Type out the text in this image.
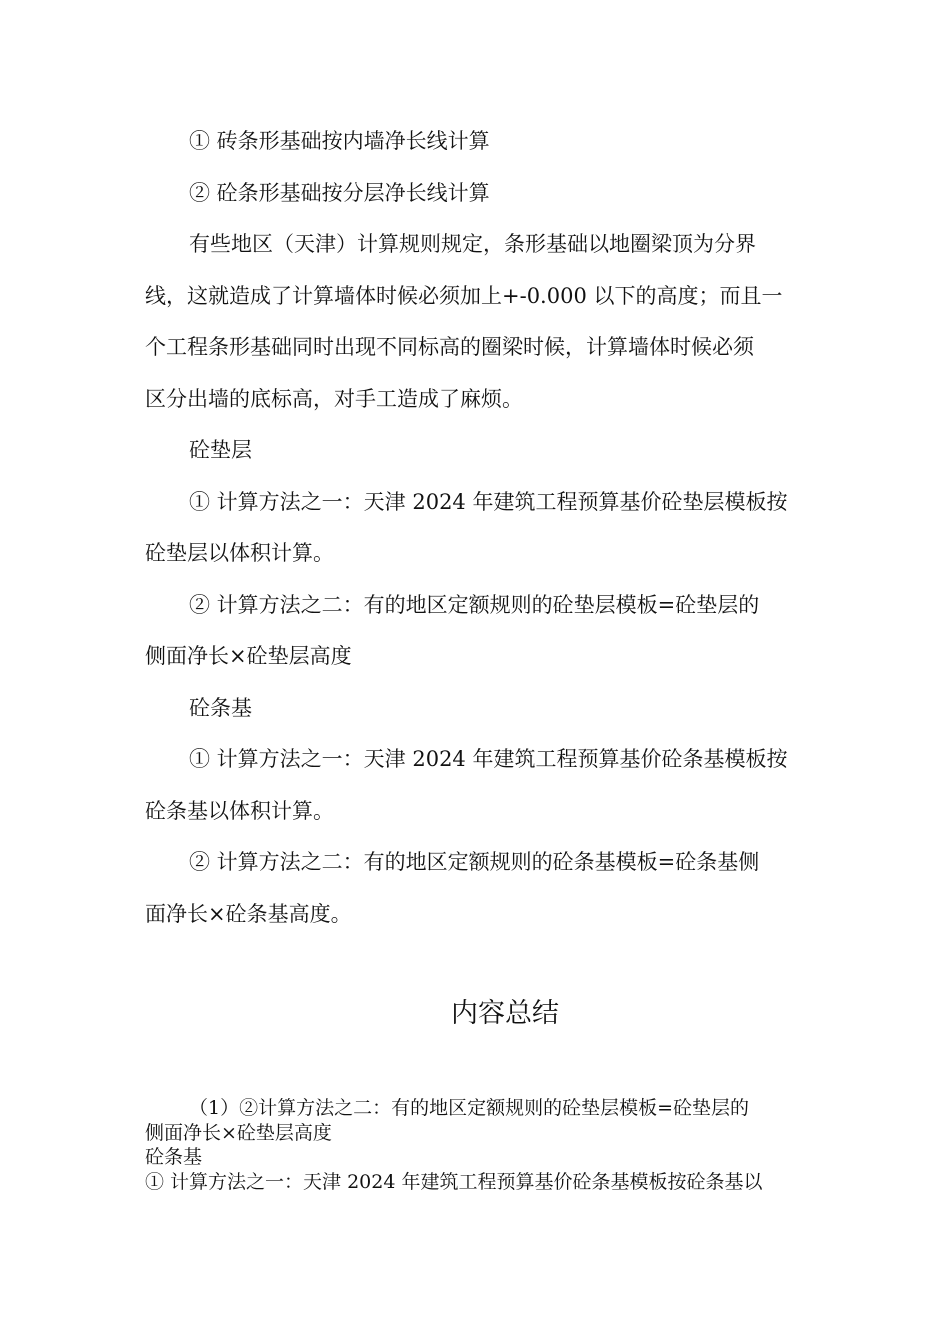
① 砖条形基础按内墙净长线计算

② 砼条形基础按分层净长线计算

有些地区（天津）计算规则规定，条形基础以地圈梁顶为分界

线，这就造成了计算墙体时候必须加上+-0.000 以下的高度；而且一

个工程条形基础同时出现不同标高的圈梁时候，计算墙体时候必须

区分出墙的底标高，对手工造成了麻烦。

砼垫层

① 计算方法之一：天津 2024 年建筑工程预算基价砼垫层模板按

砼垫层以体积计算。

② 计算方法之二：有的地区定额规则的砼垫层模板=砼垫层的

侧面净长×砼垫层高度

砼条基

① 计算方法之一：天津 2024 年建筑工程预算基价砼条基模板按

砼条基以体积计算。

② 计算方法之二：有的地区定额规则的砼条基模板=砼条基侧

面净长×砼条基高度。

内容总结

（1）②计算方法之二：有的地区定额规则的砼垫层模板=砼垫层的

侧面净长×砼垫层高度

砼条基

① 计算方法之一：天津 2024 年建筑工程预算基价砼条基模板按砼条基以
